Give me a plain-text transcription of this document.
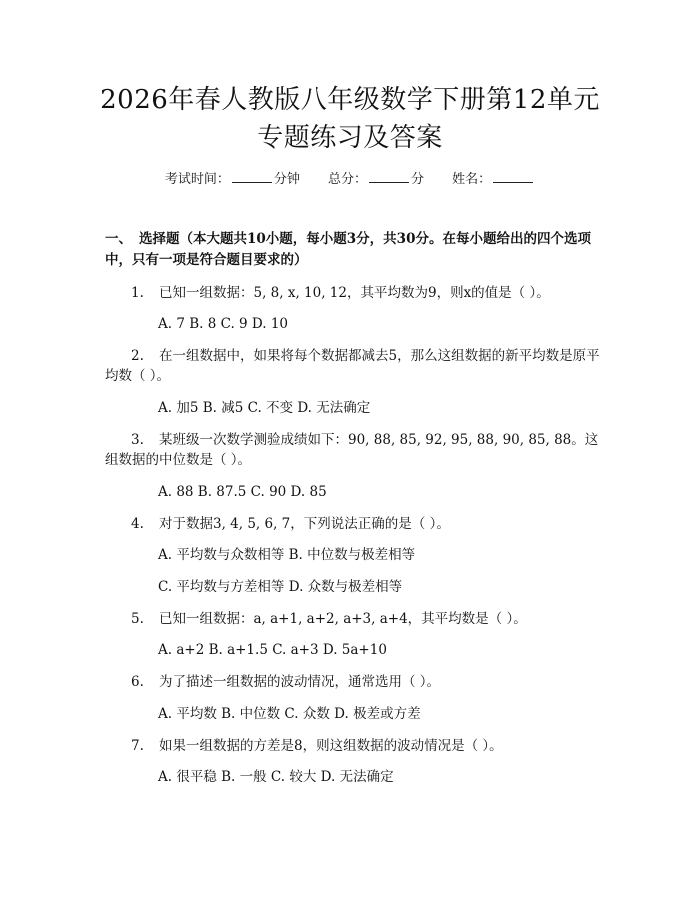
2026年春人教版八年级数学下册第12单元
专题练习及答案
考试时间：	分钟 总分：	分 姓名：
一、 选择题（本大题共10小题，每小题3分，共30分。在每小题给出的四个选项中，只有一项是符合题目要求的）
1. 已知一组数据：5, 8, x, 10, 12，其平均数为9，则x的值是（ ）。
A. 7 B. 8 C. 9 D. 10
2. 在一组数据中，如果将每个数据都减去5，那么这组数据的新平均数是原平均数（ ）。
A. 加5 B. 减5 C. 不变 D. 无法确定
3. 某班级一次数学测验成绩如下：90, 88, 85, 92, 95, 88, 90, 85, 88。这组数据的中位数是（ ）。
A. 88 B. 87.5 C. 90 D. 85
4. 对于数据3, 4, 5, 6, 7，下列说法正确的是（ ）。
A. 平均数与众数相等 B. 中位数与极差相等
C. 平均数与方差相等 D. 众数与极差相等
5. 已知一组数据：a, a+1, a+2, a+3, a+4，其平均数是（ ）。
A. a+2 B. a+1.5 C. a+3 D. 5a+10
6. 为了描述一组数据的波动情况，通常选用（ ）。
A. 平均数 B. 中位数 C. 众数 D. 极差或方差
7. 如果一组数据的方差是8，则这组数据的波动情况是（ ）。
A. 很平稳 B. 一般 C. 较大 D. 无法确定
